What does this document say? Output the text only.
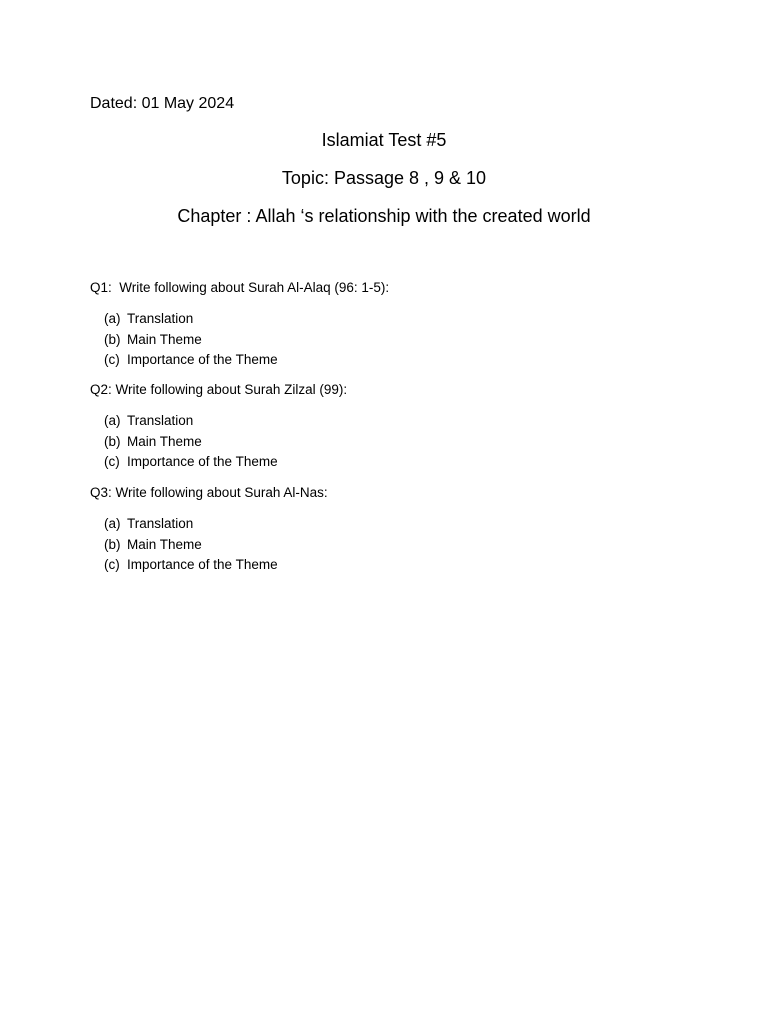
Dated: 01 May 2024
Islamiat Test #5
Topic: Passage 8 , 9 & 10
Chapter : Allah ‘s relationship with the created world
Q1:  Write following about Surah Al-Alaq (96: 1-5):
(a) Translation
(b) Main Theme
(c) Importance of the Theme
Q2: Write following about Surah Zilzal (99):
(a) Translation
(b) Main Theme
(c) Importance of the Theme
Q3: Write following about Surah Al-Nas:
(a) Translation
(b) Main Theme
(c) Importance of the Theme
